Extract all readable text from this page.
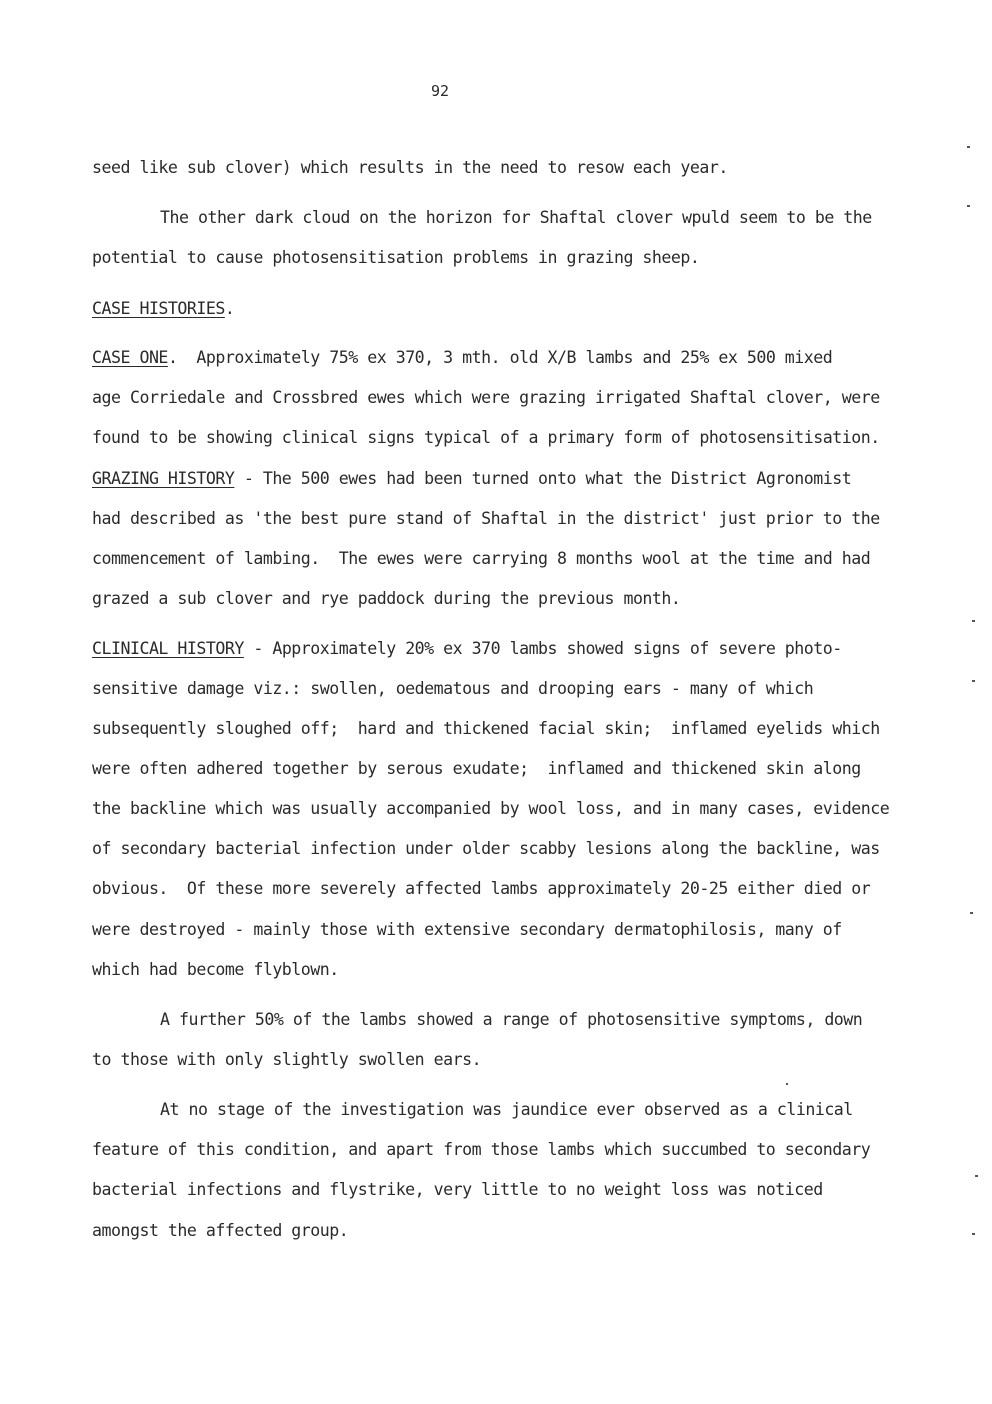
92
seed like sub clover) which results in the need to resow each year.
The other dark cloud on the horizon for Shaftal clover wpuld seem to be the
potential to cause photosensitisation problems in grazing sheep.
CASE HISTORIES.
CASE ONE.  Approximately 75% ex 370, 3 mth. old X/B lambs and 25% ex 500 mixed
age Corriedale and Crossbred ewes which were grazing irrigated Shaftal clover, were
found to be showing clinical signs typical of a primary form of photosensitisation.
GRAZING HISTORY - The 500 ewes had been turned onto what the District Agronomist
had described as 'the best pure stand of Shaftal in the district' just prior to the
commencement of lambing.  The ewes were carrying 8 months wool at the time and had
grazed a sub clover and rye paddock during the previous month.
CLINICAL HISTORY - Approximately 20% ex 370 lambs showed signs of severe photo-
sensitive damage viz.: swollen, oedematous and drooping ears - many of which
subsequently sloughed off;  hard and thickened facial skin;  inflamed eyelids which
were often adhered together by serous exudate;  inflamed and thickened skin along
the backline which was usually accompanied by wool loss, and in many cases, evidence
of secondary bacterial infection under older scabby lesions along the backline, was
obvious.  Of these more severely affected lambs approximately 20-25 either died or
were destroyed - mainly those with extensive secondary dermatophilosis, many of
which had become flyblown.
A further 50% of the lambs showed a range of photosensitive symptoms, down
to those with only slightly swollen ears.
At no stage of the investigation was jaundice ever observed as a clinical
feature of this condition, and apart from those lambs which succumbed to secondary
bacterial infections and flystrike, very little to no weight loss was noticed
amongst the affected group.
